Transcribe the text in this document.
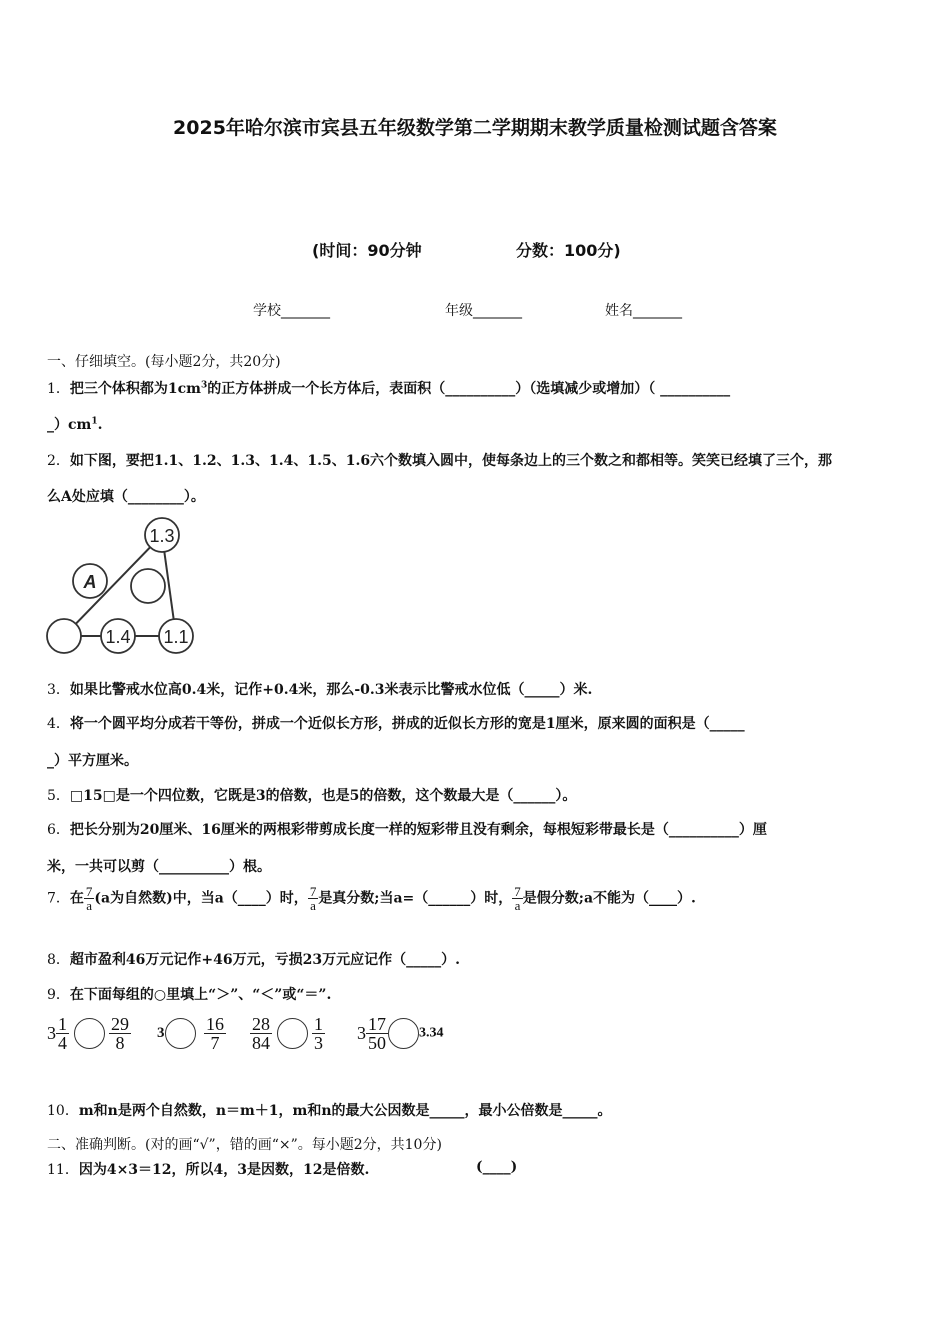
2025年哈尔滨市宾县五年级数学第二学期期末教学质量检测试题含答案
(时间：90分钟	分数：100分)
学校_______	年级_______	姓名_______
一、仔细填空。(每小题2分，共20分)
1．把三个体积都为$1cm^3$的正方体拼成一个长方体后，表面积（__________）（选填减少或增加）（ __________
$\_)cm^1$.
2．如下图，要把1.1、1.2、1.3、1.4、1.5、1.6六个数填入圆中，使每条边上的三个数之和都相等。笑笑已经填了三个，那
么A处应填（________）。
1.3
A
1.4 1.1
3．如果比警戒水位高0.4米，记作+0.4米，那么-0.3米表示比警戒水位低（_____）米.
4．将一个圆平均分成若干等份，拼成一个近似长方形，拼成的近似长方形的宽是1厘米，原来圆的面积是（_____
_）平方厘米。
5．□15□是一个四位数，它既是3的倍数，也是5的倍数，这个数最大是（______）。
6．把长分别为20厘米、16厘米的两根彩带剪成长度一样的短彩带且没有剩余，每根短彩带最长是（__________）厘
米，一共可以剪（__________）根。
7．在 $\frac{7}{a} (a$为自然数)中，当a（____）时， $\frac{7}{a}$ 是真分数;当a=（______）时， $\frac{7}{a}$ 是假分数;a不能为（____）.
8．超市盈利46万元记作+46万元，亏损23万元应记作（_____）.
9．在下面每组的○里填上“＞”、“＜”或“＝”.
$3 \frac{1}{4}$
$\frac{29}{8} 3 \frac{16}{7} \frac{28}{84}$
$\frac{1}{3} 3 \frac{17}{50} 3.34$
10．m和n是两个自然数，n＝m＋1，m和n的最大公因数是_____，最小公倍数是_____。
二、准确判断。(对的画“√”，错的画“×”。每小题2分，共10分)
11．因为4×3＝12，所以4，3是因数，12是倍数.	(____)
